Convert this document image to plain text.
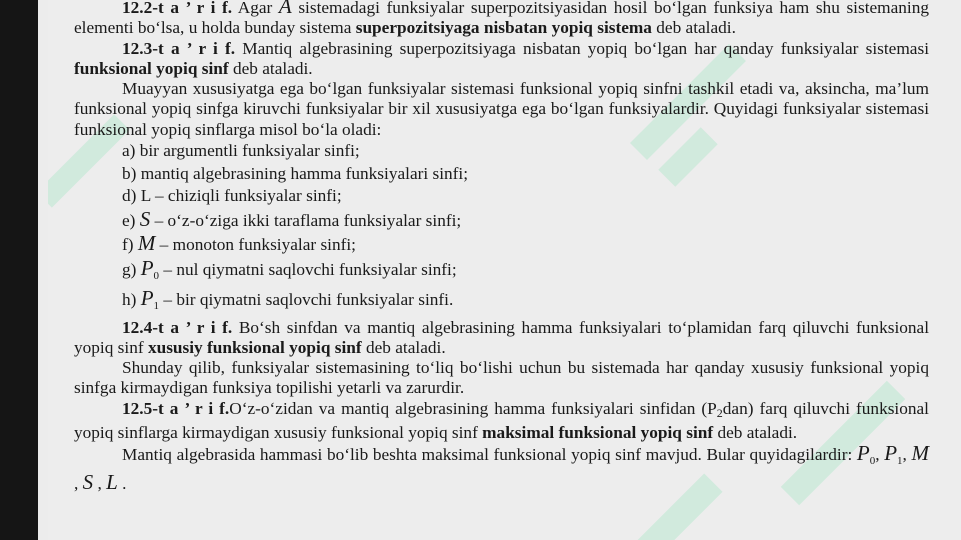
12.2-t a ’ r i f. Agar A sistemadagi funksiyalar superpozitsiyasidan hosil bo‘lgan funksiya ham shu sistemaning elementi bo‘lsa, u holda bunday sistema superpozitsiyaga nisbatan yopiq sistema deb ataladi.

12.3-t a ’ r i f. Mantiq algebrasining superpozitsiyaga nisbatan yopiq bo‘lgan har qanday funksiyalar sistemasi funksional yopiq sinf deb ataladi.

Muayyan xususiyatga ega bo‘lgan funksiyalar sistemasi funksional yopiq sinfni tashkil etadi va, aksincha, ma’lum funksional yopiq sinfga kiruvchi funksiyalar bir xil xususiyatga ega bo‘lgan funksiyalardir. Quyidagi funksiyalar sistemasi funksional yopiq sinflarga misol bo‘la oladi:

a) bir argumentli funksiyalar sinfi;

b) mantiq algebrasining hamma funksiyalari sinfi;

d) L – chiziqli funksiyalar sinfi;

e) S – o‘z-o‘ziga ikki taraflama funksiyalar sinfi;

f) M – monoton funksiyalar sinfi;

g) $P_0$ – nul qiymatni saqlovchi funksiyalar sinfi;

h) $P_1$ – bir qiymatni saqlovchi funksiyalar sinfi.

12.4-t a ’ r i f. Bo‘sh sinfdan va mantiq algebrasining hamma funksiyalari to‘plamidan farq qiluvchi funksional yopiq sinf xususiy funksional yopiq sinf deb ataladi.

Shunday qilib, funksiyalar sistemasining to‘liq bo‘lishi uchun bu sistemada har qanday xususiy funksional yopiq sinfga kirmaydigan funksiya topilishi yetarli va zarurdir.

12.5-t a ’ r i f.O‘z-o‘zidan va mantiq algebrasining hamma funksiyalari sinfidan (P2dan) farq qiluvchi funksional yopiq sinflarga kirmaydigan xususiy funksional yopiq sinf maksimal funksional yopiq sinf deb ataladi.

Mantiq algebrasida hammasi bo‘lib beshta maksimal funksional yopiq sinf mavjud. Bular quyidagilardir: $P_0$, $P_1$, M , S , L .
